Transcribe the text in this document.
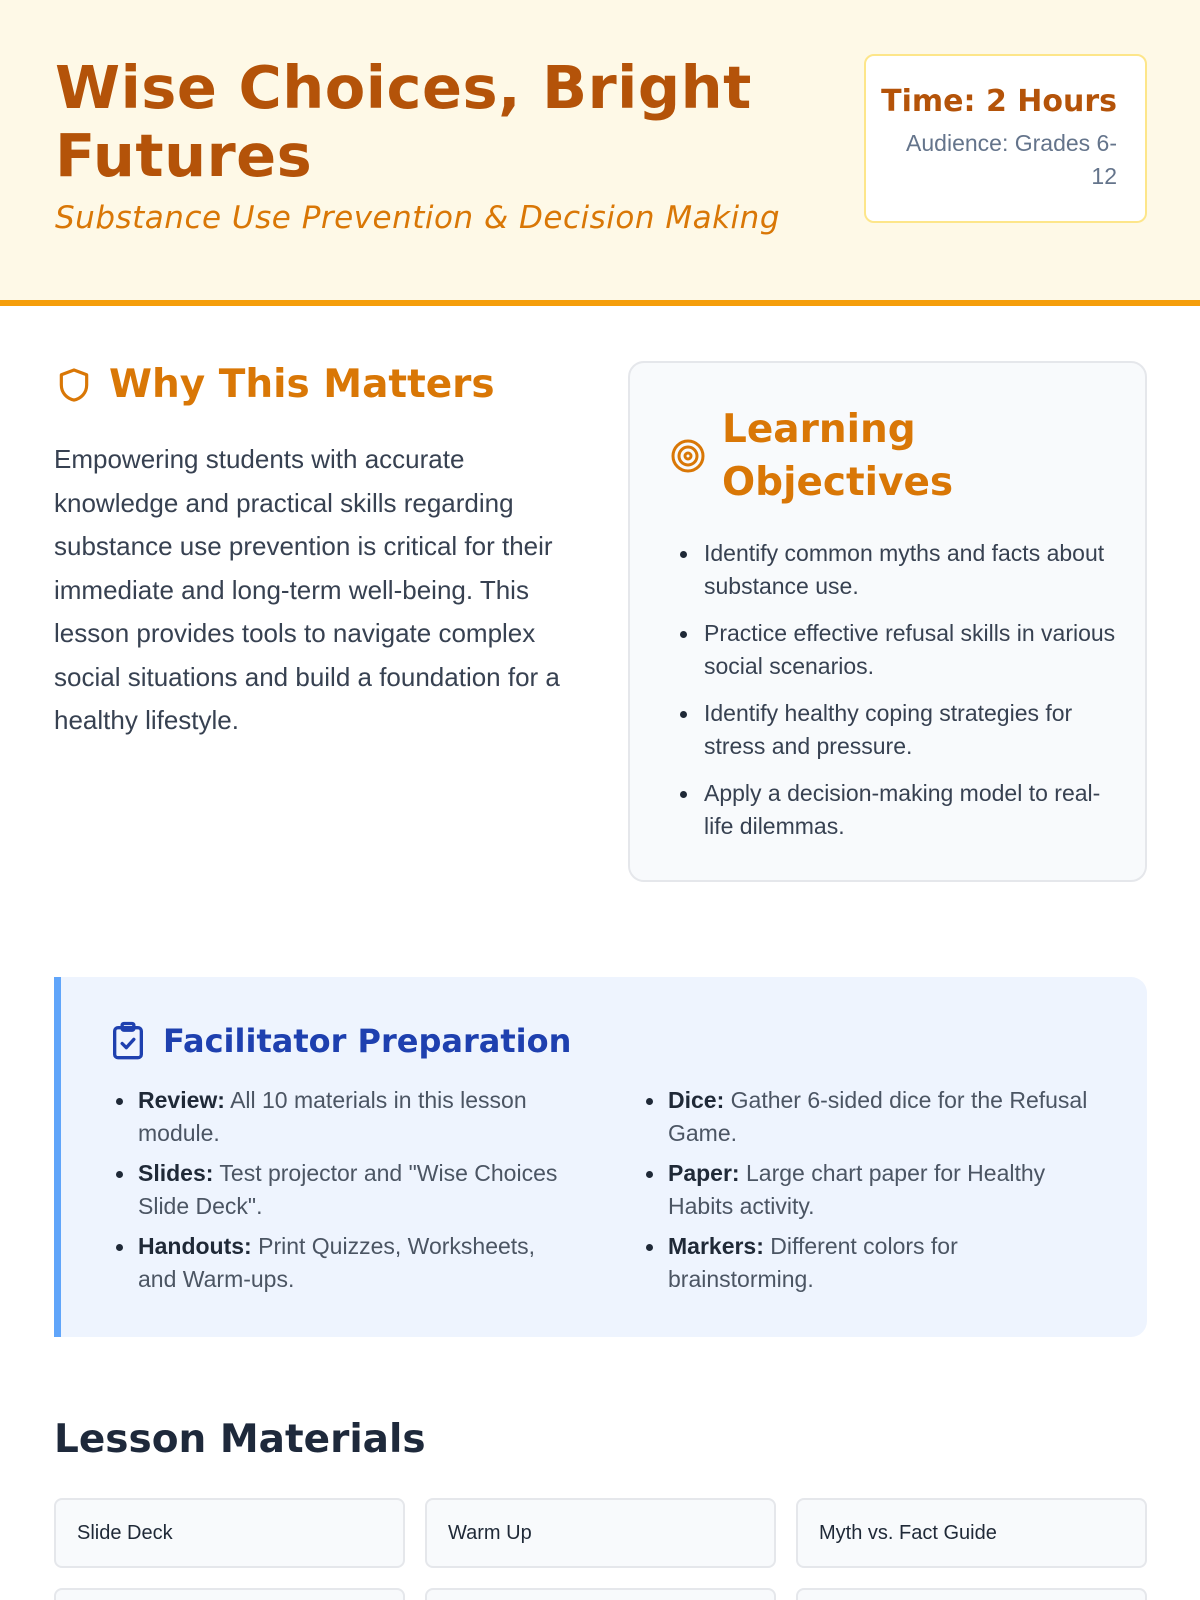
Wise Choices, Bright Futures
Substance Use Prevention & Decision Making
Time: 2 Hours
Audience: Grades 6-12
Why This Matters

Empowering students with accurate knowledge and practical skills regarding substance use prevention is critical for their immediate and long-term well-being. This lesson provides tools to navigate complex social situations and build a foundation for a healthy lifestyle.

Learning Objectives
Identify common myths and facts about substance use.
Practice effective refusal skills in various social scenarios.
Identify healthy coping strategies for stress and pressure.
Apply a decision-making model to real-life dilemmas.
Facilitator Preparation
Review: All 10 materials in this lesson module.
Slides: Test projector and "Wise Choices Slide Deck".
Handouts: Print Quizzes, Worksheets, and Warm-ups.
Dice: Gather 6-sided dice for the Refusal Game.
Paper: Large chart paper for Healthy Habits activity.
Markers: Different colors for brainstorming.
Lesson Materials
Slide Deck	Warm Up	Myth vs. Fact Guide
